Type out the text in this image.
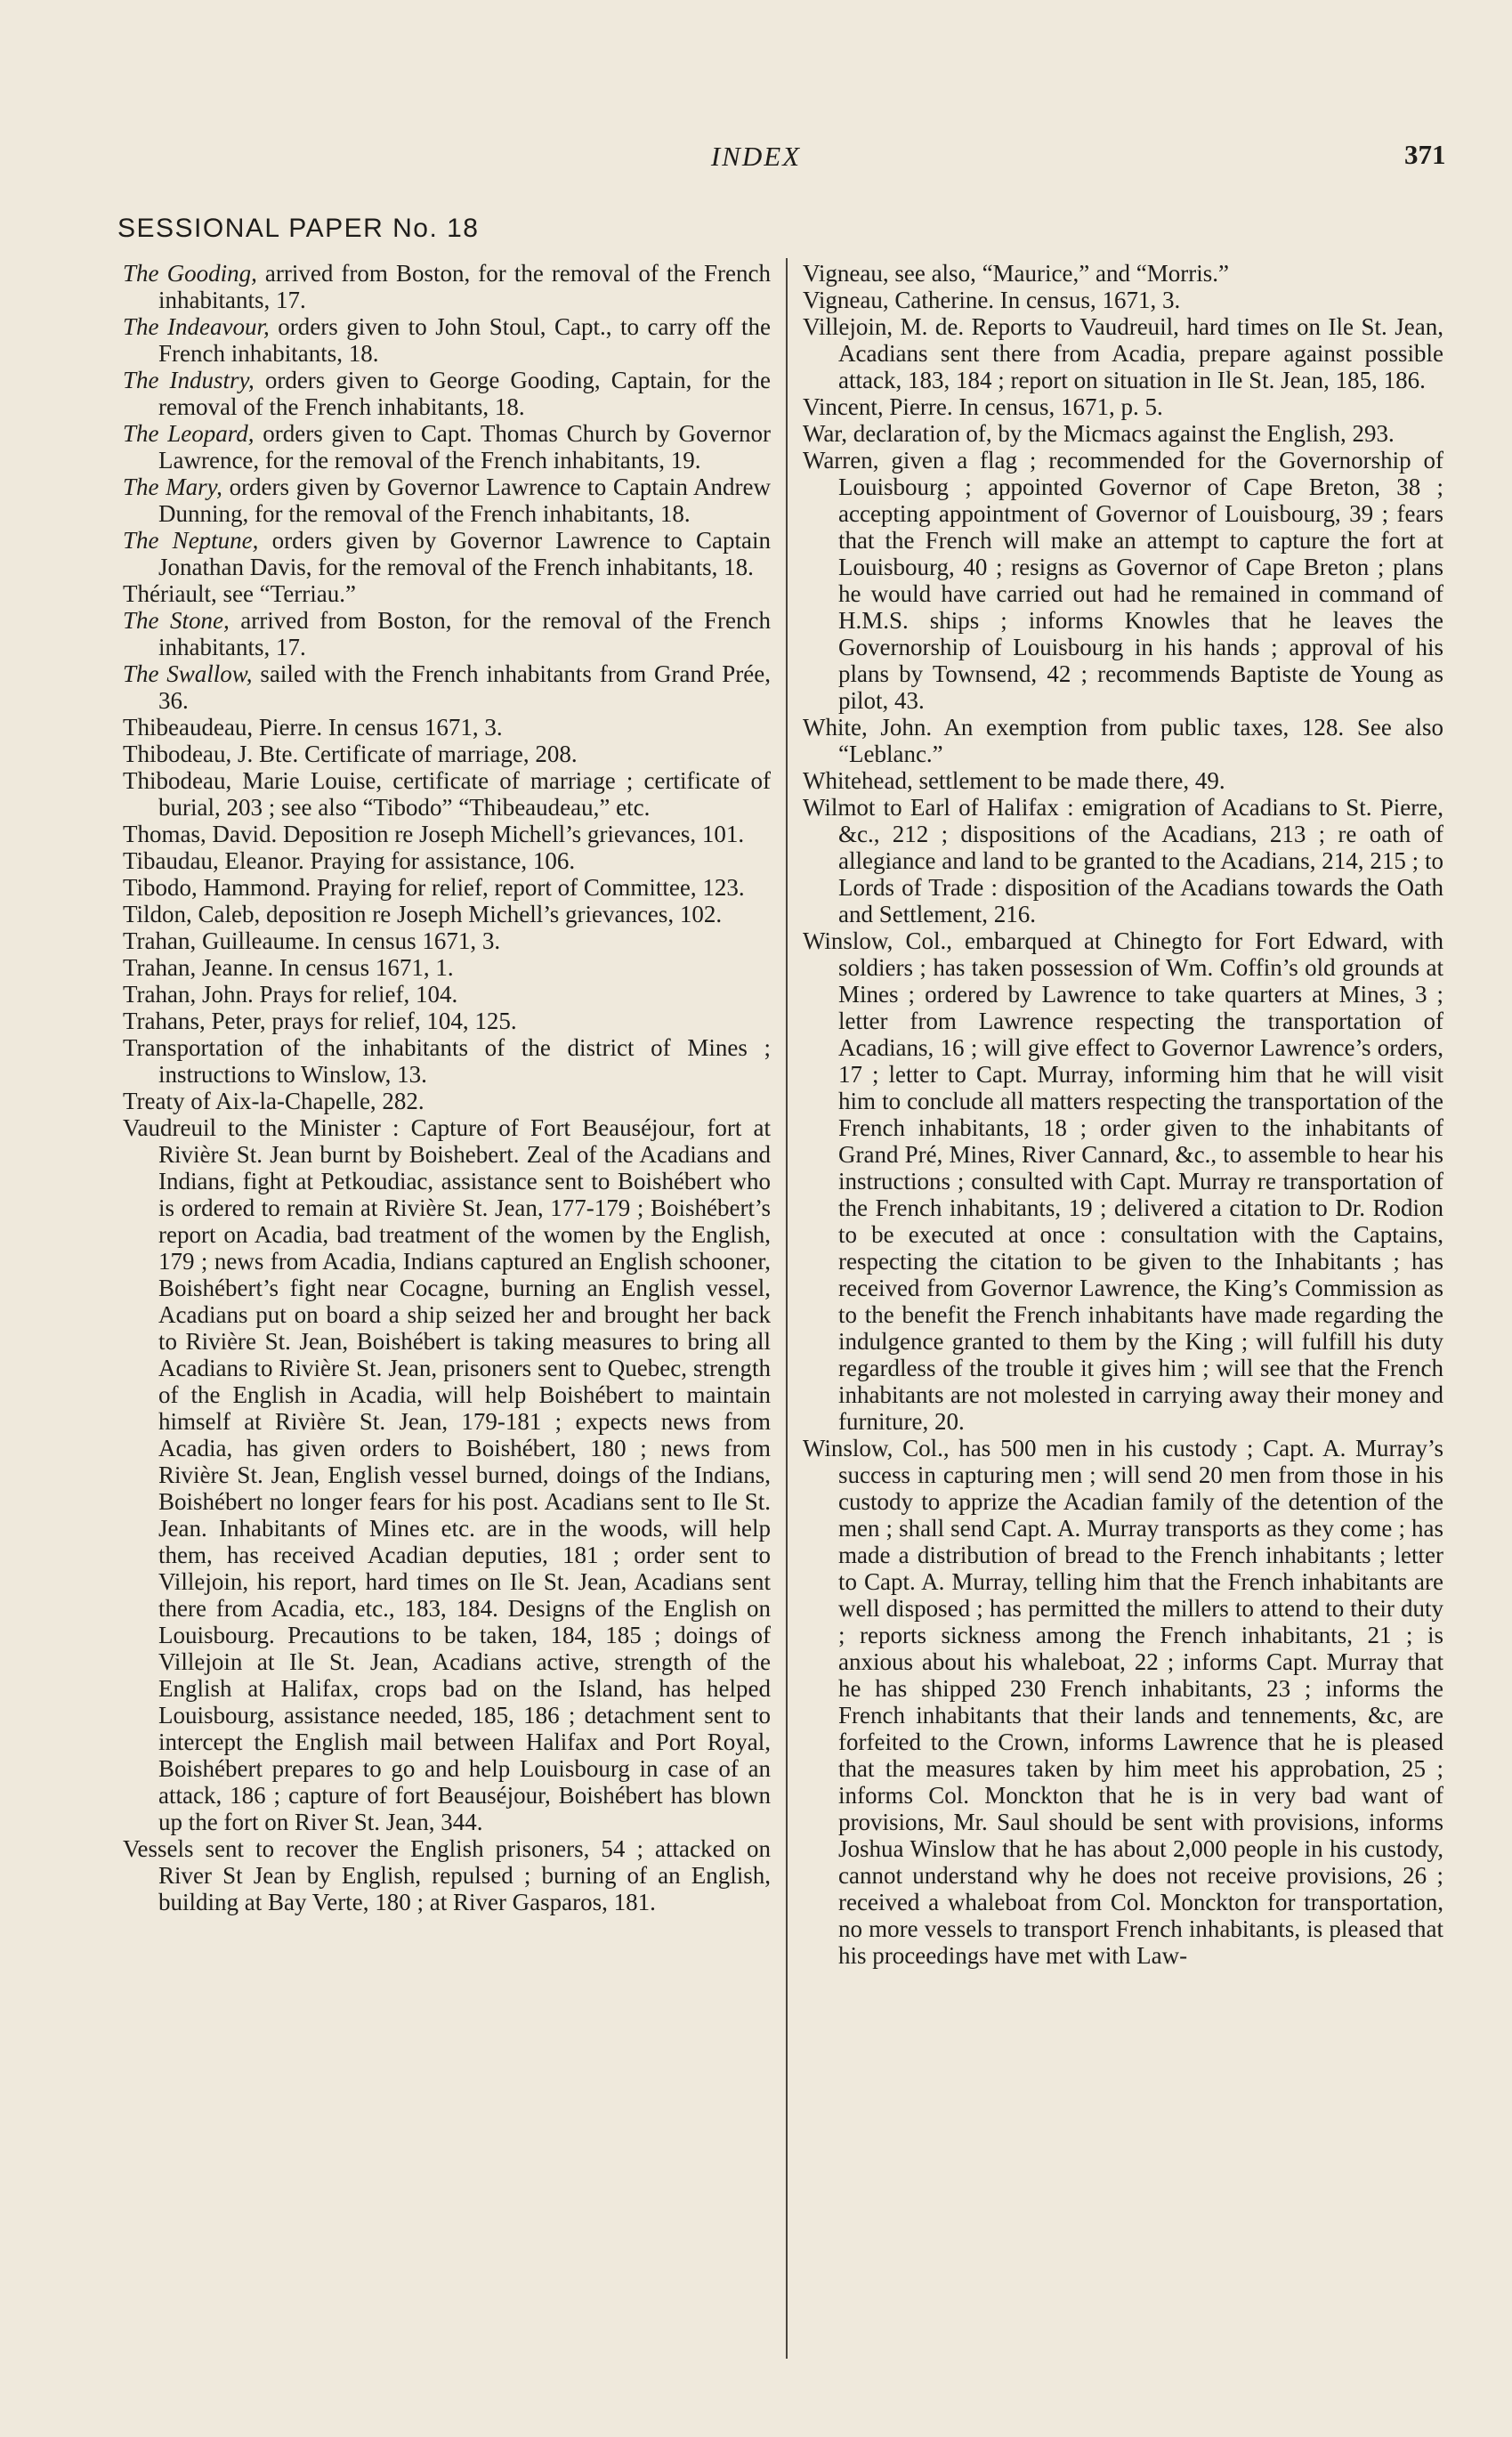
INDEX	371
SESSIONAL PAPER No. 18

The Gooding, arrived from Boston, for the removal of the French inhabitants, 17.

The Indeavour, orders given to John Stoul, Capt., to carry off the French inhabitants, 18.

The Industry, orders given to George Gooding, Captain, for the removal of the French inhabitants, 18.

The Leopard, orders given to Capt. Thomas Church by Governor Lawrence, for the removal of the French inhabitants, 19.

The Mary, orders given by Governor Lawrence to Captain Andrew Dunning, for the removal of the French inhabitants, 18.

The Neptune, orders given by Governor Lawrence to Captain Jonathan Davis, for the removal of the French inhabitants, 18.

Thériault, see “Terriau.”

The Stone, arrived from Boston, for the removal of the French inhabitants, 17.

The Swallow, sailed with the French inhabitants from Grand Prée, 36.

Thibeaudeau, Pierre. In census 1671, 3.

Thibodeau, J. Bte. Certificate of marriage, 208.

Thibodeau, Marie Louise, certificate of marriage ; certificate of burial, 203 ; see also “Tibodo” “Thibeaudeau,” etc.

Thomas, David. Deposition re Joseph Michell’s grievances, 101.

Tibaudau, Eleanor. Praying for assistance, 106.

Tibodo, Hammond. Praying for relief, report of Committee, 123.

Tildon, Caleb, deposition re Joseph Michell’s grievances, 102.

Trahan, Guilleaume. In census 1671, 3.

Trahan, Jeanne. In census 1671, 1.

Trahan, John. Prays for relief, 104.

Trahans, Peter, prays for relief, 104, 125.

Transportation of the inhabitants of the district of Mines ; instructions to Winslow, 13.

Treaty of Aix-la-Chapelle, 282.

Vaudreuil to the Minister : Capture of Fort Beauséjour, fort at Rivière St. Jean burnt by Boishebert. Zeal of the Acadians and Indians, fight at Petkoudiac, assistance sent to Boishébert who is ordered to remain at Rivière St. Jean, 177-179 ; Boishébert’s report on Acadia, bad treatment of the women by the English, 179 ; news from Acadia, Indians captured an English schooner, Boishébert’s fight near Cocagne, burning an English vessel, Acadians put on board a ship seized her and brought her back to Rivière St. Jean, Boishébert is taking measures to bring all Acadians to Rivière St. Jean, prisoners sent to Quebec, strength of the English in Acadia, will help Boishébert to maintain himself at Rivière St. Jean, 179-181 ; expects news from Acadia, has given orders to Boishébert, 180 ; news from Rivière St. Jean, English vessel burned, doings of the Indians, Boishébert no longer fears for his post. Acadians sent to Ile St. Jean. Inhabitants of Mines etc. are in the woods, will help them, has received Acadian deputies, 181 ; order sent to Villejoin, his report, hard times on Ile St. Jean, Acadians sent there from Acadia, etc., 183, 184. Designs of the English on Louisbourg. Precautions to be taken, 184, 185 ; doings of Villejoin at Ile St. Jean, Acadians active, strength of the English at Halifax, crops bad on the Island, has helped Louisbourg, assistance needed, 185, 186 ; detachment sent to intercept the English mail between Halifax and Port Royal, Boishébert prepares to go and help Louisbourg in case of an attack, 186 ; capture of fort Beauséjour, Boishébert has blown up the fort on River St. Jean, 344.

Vessels sent to recover the English prisoners, 54 ; attacked on River St Jean by English, repulsed ; burning of an English, building at Bay Verte, 180 ; at River Gasparos, 181.

Vigneau, see also, “Maurice,” and “Morris.”

Vigneau, Catherine. In census, 1671, 3.

Villejoin, M. de. Reports to Vaudreuil, hard times on Ile St. Jean, Acadians sent there from Acadia, prepare against possible attack, 183, 184 ; report on situation in Ile St. Jean, 185, 186.

Vincent, Pierre. In census, 1671, p. 5.

War, declaration of, by the Micmacs against the English, 293.

Warren, given a flag ; recommended for the Governorship of Louisbourg ; appointed Governor of Cape Breton, 38 ; accepting appointment of Governor of Louisbourg, 39 ; fears that the French will make an attempt to capture the fort at Louisbourg, 40 ; resigns as Governor of Cape Breton ; plans he would have carried out had he remained in command of H.M.S. ships ; informs Knowles that he leaves the Governorship of Louisbourg in his hands ; approval of his plans by Townsend, 42 ; recommends Baptiste de Young as pilot, 43.

White, John. An exemption from public taxes, 128. See also “Leblanc.”

Whitehead, settlement to be made there, 49.

Wilmot to Earl of Halifax : emigration of Acadians to St. Pierre, &c., 212 ; dispositions of the Acadians, 213 ; re oath of allegiance and land to be granted to the Acadians, 214, 215 ; to Lords of Trade : disposition of the Acadians towards the Oath and Settlement, 216.

Winslow, Col., embarqued at Chinegto for Fort Edward, with soldiers ; has taken possession of Wm. Coffin’s old grounds at Mines ; ordered by Lawrence to take quarters at Mines, 3 ; letter from Lawrence respecting the transportation of Acadians, 16 ; will give effect to Governor Lawrence’s orders, 17 ; letter to Capt. Murray, informing him that he will visit him to conclude all matters respecting the transportation of the French inhabitants, 18 ; order given to the inhabitants of Grand Pré, Mines, River Cannard, &c., to assemble to hear his instructions ; consulted with Capt. Murray re transportation of the French inhabitants, 19 ; delivered a citation to Dr. Rodion to be executed at once : consultation with the Captains, respecting the citation to be given to the Inhabitants ; has received from Governor Lawrence, the King’s Commission as to the benefit the French inhabitants have made regarding the indulgence granted to them by the King ; will fulfill his duty regardless of the trouble it gives him ; will see that the French inhabitants are not molested in carrying away their money and furniture, 20.

Winslow, Col., has 500 men in his custody ; Capt. A. Murray’s success in capturing men ; will send 20 men from those in his custody to apprize the Acadian family of the detention of the men ; shall send Capt. A. Murray transports as they come ; has made a distribution of bread to the French inhabitants ; letter to Capt. A. Murray, telling him that the French inhabitants are well disposed ; has permitted the millers to attend to their duty ; reports sickness among the French inhabitants, 21 ; is anxious about his whaleboat, 22 ; informs Capt. Murray that he has shipped 230 French inhabitants, 23 ; informs the French inhabitants that their lands and tennements, &c, are forfeited to the Crown, informs Lawrence that he is pleased that the measures taken by him meet his approbation, 25 ; informs Col. Monckton that he is in very bad want of provisions, Mr. Saul should be sent with provisions, informs Joshua Winslow that he has about 2,000 people in his custody, cannot understand why he does not receive provisions, 26 ; received a whaleboat from Col. Monckton for transportation, no more vessels to transport French inhabitants, is pleased that his proceedings have met with Law-
